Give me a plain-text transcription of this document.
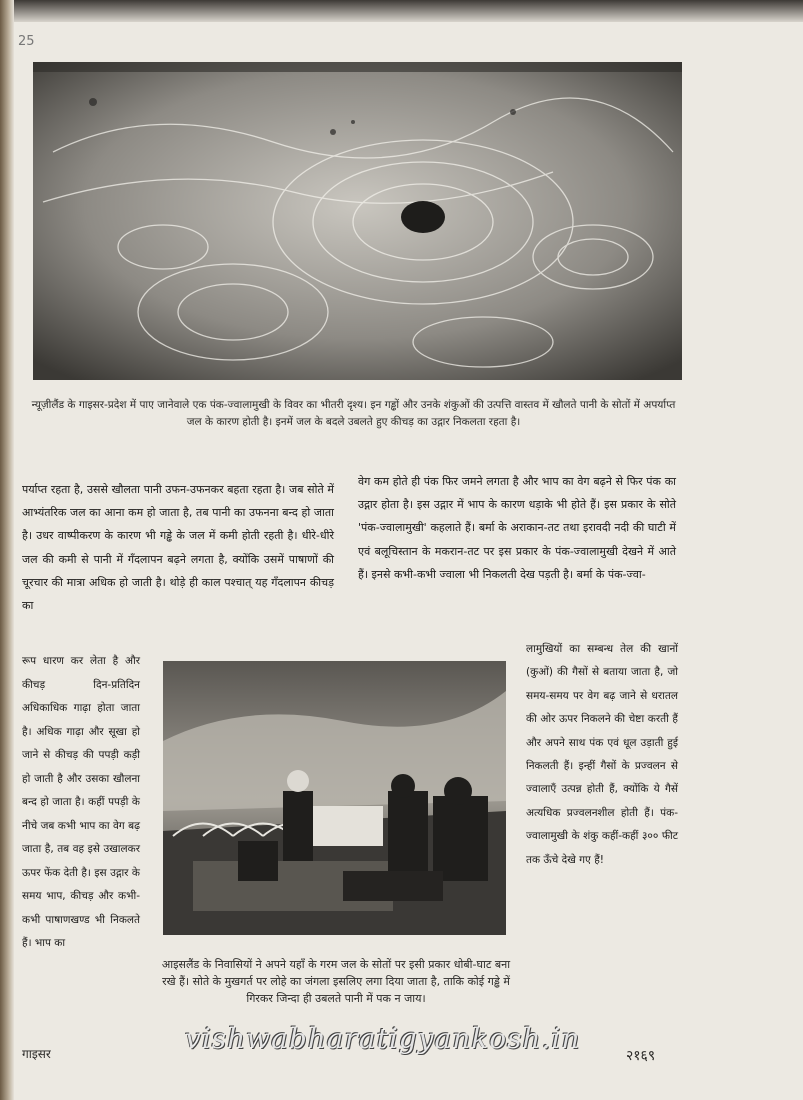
25
न्यूज़ीलैंड के गाइसर-प्रदेश में पाए जानेवाले एक पंक-ज्वालामुखी के विवर का भीतरी दृश्य। इन गड्ढों और उनके शंकुओं की उत्पत्ति वास्तव में खौलते पानी के सोतों में अपर्याप्त जल के कारण होती है। इनमें जल के बदले उबलते हुए कीचड़ का उद्गार निकलता रहता है।

पर्याप्त रहता है, उससे खौलता पानी उफन-उफनकर बहता रहता है। जब सोते में आभ्यंतरिक जल का आना कम हो जाता है, तब पानी का उफनना बन्द हो जाता है। उधर वाष्पीकरण के कारण भी गड्ढे के जल में कमी होती रहती है। धीरे-धीरे जल की कमी से पानी में गँदलापन बढ़ने लगता है, क्योंकि उसमें पाषाणों की चूरचार की मात्रा अधिक हो जाती है। थोड़े ही काल पश्चात् यह गँदलापन कीचड़ का

रूप धारण कर लेता है और कीचड़ दिन-प्रतिदिन अधिकाधिक गाढ़ा होता जाता है। अधिक गाढ़ा और सूखा हो जाने से कीचड़ की पपड़ी कड़ी हो जाती है और उसका खौलना बन्द हो जाता है। कहीं पपड़ी के नीचे जब कभी भाप का वेग बढ़ जाता है, तब वह इसे उखालकर ऊपर फेंक देती है। इस उद्गार के समय भाप, कीचड़ और कभी-कभी पाषाणखण्ड भी निकलते हैं। भाप का

वेग कम होते ही पंक फिर जमने लगता है और भाप का वेग बढ़ने से फिर पंक का उद्गार होता है। इस उद्गार में भाप के कारण धड़ाके भी होते हैं। इस प्रकार के सोते 'पंक-ज्वालामुखी' कहलाते हैं। बर्मा के अराकान-तट तथा इरावदी नदी की घाटी में एवं बलूचिस्तान के मकरान-तट पर इस प्रकार के पंक-ज्वालामुखी देखने में आते हैं। इनसे कभी-कभी ज्वाला भी निकलती देख पड़ती है। बर्मा के पंक-ज्वा-

लामुखियों का सम्बन्ध तेल की खानों (कुओं) की गैसों से बताया जाता है, जो समय-समय पर वेग बढ़ जाने से धरातल की ओर ऊपर निकलने की चेष्टा करती हैं और अपने साथ पंक एवं धूल उड़ाती हुई निकलती हैं। इन्हीं गैसों के प्रज्वलन से ज्वालाएँ उत्पन्न होती हैं, क्योंकि ये गैसें अत्यधिक प्रज्वलनशील होती हैं। पंक-ज्वालामुखी के शंकु कहीं-कहीं ३०० फीट तक ऊँचे देखे गए हैं!

आइसलैंड के निवासियों ने अपने यहाँ के गरम जल के सोतों पर इसी प्रकार धोबी-घाट बना रखे हैं। सोते के मुखगर्त पर लोहे का जंगला इसलिए लगा दिया जाता है, ताकि कोई गड्ढे में गिरकर जिन्दा ही उबलते पानी में पक न जाय।
गाइसर	vishwabharatigyankosh.in
२१६९
